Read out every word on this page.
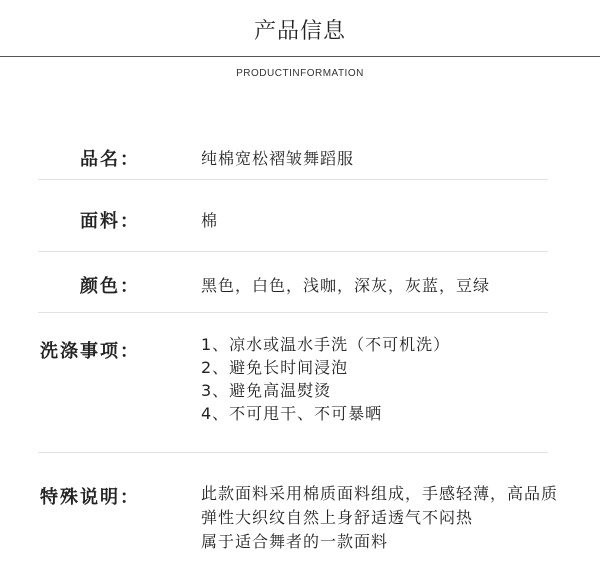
产品信息
PRODUCTINFORMATION
品名：	纯棉宽松褶皱舞蹈服
面料：	棉
颜色：	黑色，白色，浅咖，深灰，灰蓝，豆绿
洗涤事项：	1、凉水或温水手洗（不可机洗）
2、避免长时间浸泡
3、避免高温熨烫
4、不可甩干、不可暴晒
特殊说明：	此款面料采用棉质面料组成，手感轻薄，高品质
弹性大织纹自然上身舒适透气不闷热
属于适合舞者的一款面料
